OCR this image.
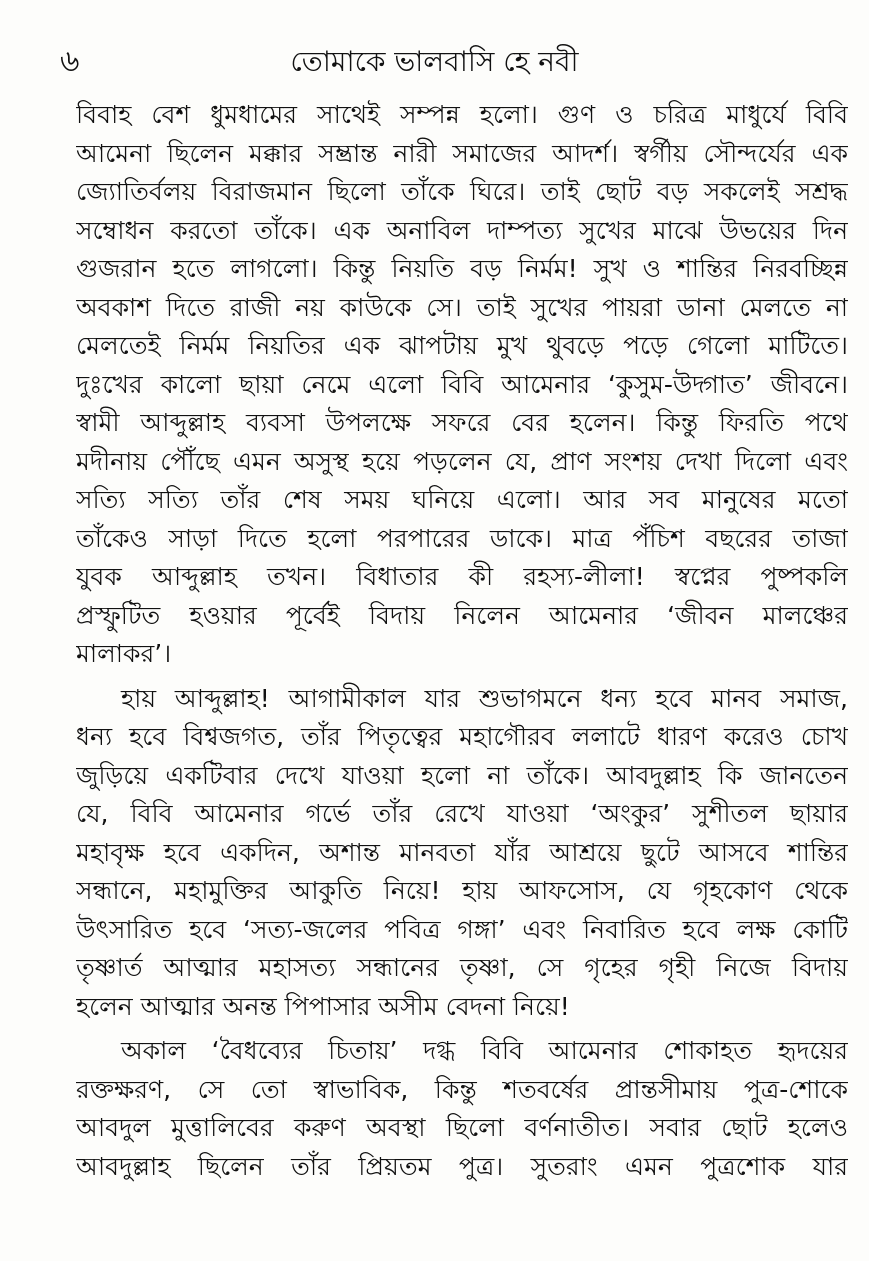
৬	তোমাকে ভালবাসি হে নবী
বিবাহ বেশ ধুমধামের সাথেই সম্পন্ন হলো। গুণ ও চরিত্র মাধুর্যে বিবি
আমেনা ছিলেন মক্কার সম্ভ্রান্ত নারী সমাজের আদর্শ। স্বর্গীয় সৌন্দর্যের এক
জ্যোতির্বলয় বিরাজমান ছিলো তাঁকে ঘিরে। তাই ছোট বড় সকলেই সশ্রদ্ধ
সম্বোধন করতো তাঁকে। এক অনাবিল দাম্পত্য সুখের মাঝে উভয়ের দিন
গুজরান হতে লাগলো। কিন্তু নিয়তি বড় নির্মম! সুখ ও শান্তির নিরবচ্ছিন্ন
অবকাশ দিতে রাজী নয় কাউকে সে। তাই সুখের পায়রা ডানা মেলতে না
মেলতেই নির্মম নিয়তির এক ঝাপটায় মুখ থুবড়ে পড়ে গেলো মাটিতে।
দুঃখের কালো ছায়া নেমে এলো বিবি আমেনার ‘কুসুম-উদ্গাত’ জীবনে।
স্বামী আব্দুল্লাহ ব্যবসা উপলক্ষে সফরে বের হলেন। কিন্তু ফিরতি পথে
মদীনায় পৌঁছে এমন অসুস্থ হয়ে পড়লেন যে, প্রাণ সংশয় দেখা দিলো এবং
সত্যি সত্যি তাঁর শেষ সময় ঘনিয়ে এলো। আর সব মানুষের মতো
তাঁকেও সাড়া দিতে হলো পরপারের ডাকে। মাত্র পঁচিশ বছরের তাজা
যুবক আব্দুল্লাহ তখন। বিধাতার কী রহস্য-লীলা! স্বপ্নের পুষ্পকলি
প্রস্ফুটিত হওয়ার পূর্বেই বিদায় নিলেন আমেনার ‘জীবন মালঞ্চের
মালাকর’।
হায় আব্দুল্লাহ! আগামীকাল যার শুভাগমনে ধন্য হবে মানব সমাজ,
ধন্য হবে বিশ্বজগত, তাঁর পিতৃত্বের মহাগৌরব ললাটে ধারণ করেও চোখ
জুড়িয়ে একটিবার দেখে যাওয়া হলো না তাঁকে। আবদুল্লাহ কি জানতেন
যে, বিবি আমেনার গর্ভে তাঁর রেখে যাওয়া ‘অংকুর’ সুশীতল ছায়ার
মহাবৃক্ষ হবে একদিন, অশান্ত মানবতা যাঁর আশ্রয়ে ছুটে আসবে শান্তির
সন্ধানে, মহামুক্তির আকুতি নিয়ে! হায় আফসোস, যে গৃহকোণ থেকে
উৎসারিত হবে ‘সত্য-জলের পবিত্র গঙ্গা’ এবং নিবারিত হবে লক্ষ কোটি
তৃষ্ণার্ত আত্মার মহাসত্য সন্ধানের তৃষ্ণা, সে গৃহের গৃহী নিজে বিদায়
হলেন আত্মার অনন্ত পিপাসার অসীম বেদনা নিয়ে!
অকাল ‘বৈধব্যের চিতায়’ দগ্ধ বিবি আমেনার শোকাহত হৃদয়ের
রক্তক্ষরণ, সে তো স্বাভাবিক, কিন্তু শতবর্ষের প্রান্তসীমায় পুত্র-শোকে
আবদুল মুত্তালিবের করুণ অবস্থা ছিলো বর্ণনাতীত। সবার ছোট হলেও
আবদুল্লাহ ছিলেন তাঁর প্রিয়তম পুত্র। সুতরাং এমন পুত্রশোক যার
